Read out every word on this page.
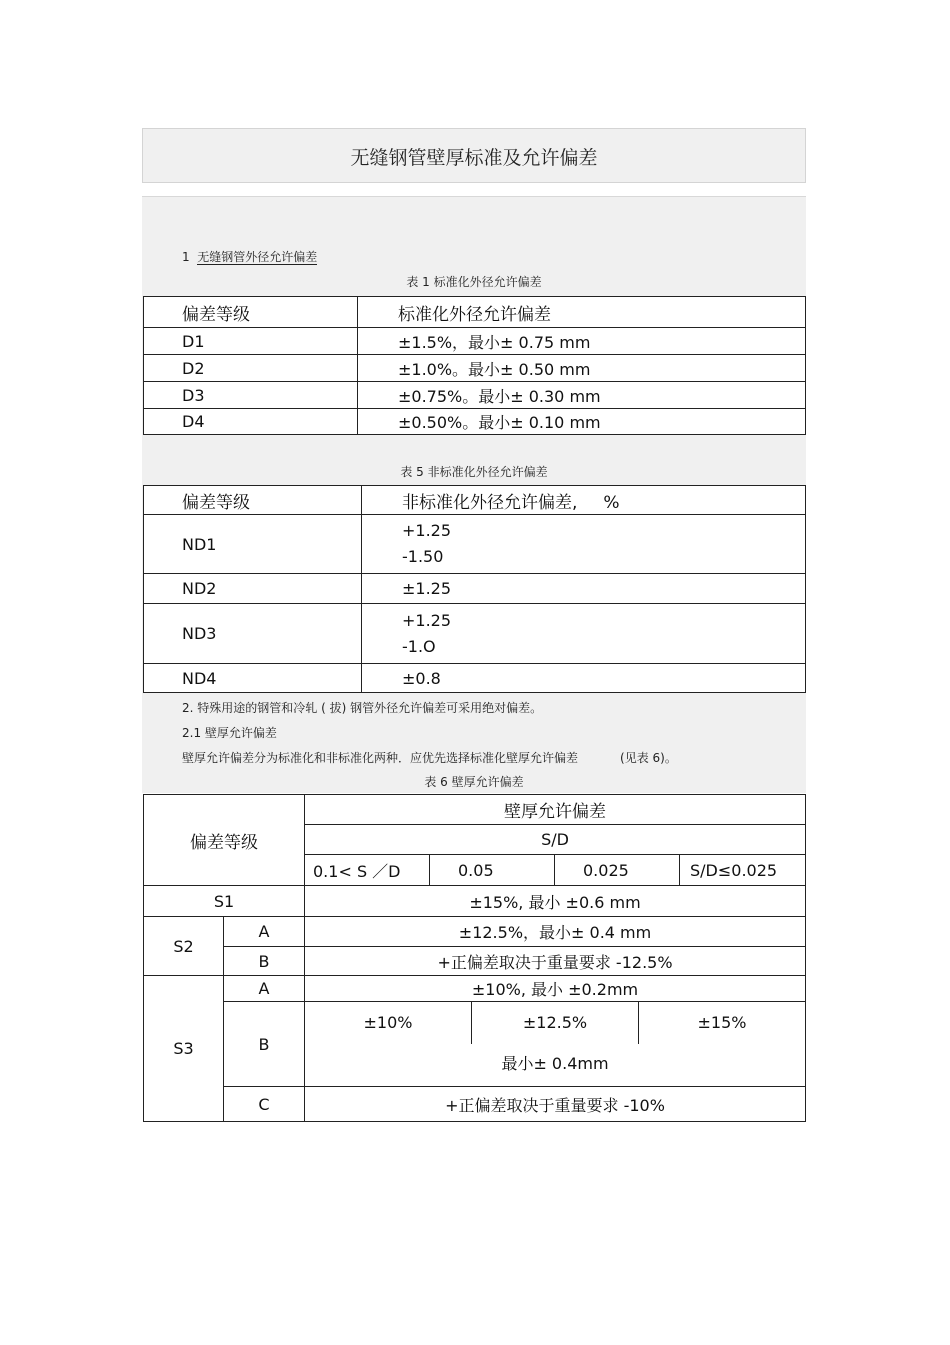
无缝钢管壁厚标准及允许偏差
1 无缝钢管外径允许偏差
表 1 标准化外径允许偏差
偏差等级	标准化外径允许偏差
D1	±1.5%，最小± 0.75 mm
D2	±1.0%。最小± 0.50 mm
D3	±0.75%。最小± 0.30 mm
D4	±0.50%。最小± 0.10 mm
表 5 非标准化外径允许偏差
偏差等级	非标准化外径允许偏差, %
ND1	+1.25
-1.50

ND2	±1.25
ND3	+1.25
-1.O

ND4	±0.8
2. 特殊用途的钢管和冷轧 ( 拔) 钢管外径允许偏差可采用绝对偏差。
2.1 壁厚允许偏差
壁厚允许偏差分为标准化和非标准化两种．应优先选择标准化壁厚允许偏差	(见表 6)。
表 6 壁厚允许偏差
偏差等级		壁厚允许偏差			
		S/D			
		0.1< S ／D	0.05	0.025	S/D≤0.025
S1		±15%, 最小 ±0.6 mm			
S2	A	±12.5%，最小± 0.4 mm			
	B	+正偏差取决于重量要求 -12.5%			
S3	A	±10%, 最小 ±0.2mm			
	B	±10% ±12.5% ±15%
最小± 0.4mm			

	C	+正偏差取决于重量要求 -10%			
